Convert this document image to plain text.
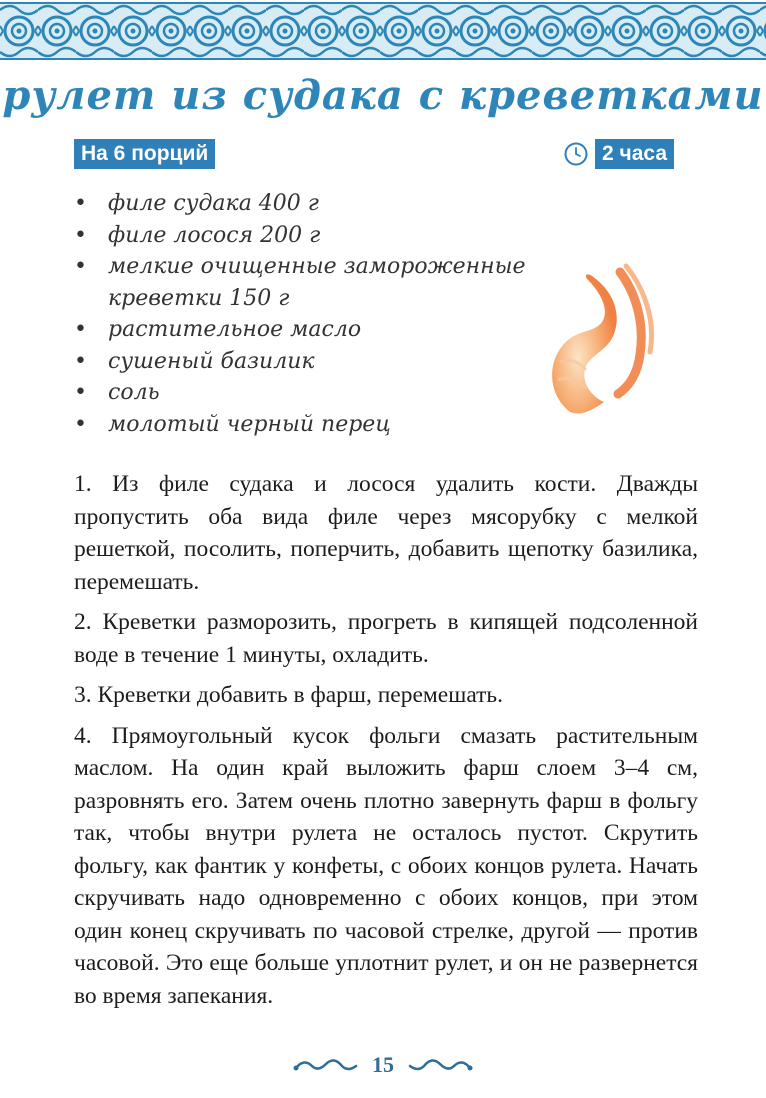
рулет из судака с креветками
На 6 порций	2 часа
• филе судака 400 г
• филе лосося 200 г
• мелкие очищенные замороженные креветки 150 г
• растительное масло
• сушеный базилик
• соль
• молотый черный перец

1. Из филе судака и лосося удалить кости. Дважды пропустить оба вида филе через мясорубку с мелкой решеткой, посолить, поперчить, добавить щепотку базилика, перемешать.

2. Креветки разморозить, прогреть в кипящей подсоленной воде в течение 1 минуты, охладить.

3. Креветки добавить в фарш, перемешать.

4. Прямоугольный кусок фольги смазать растительным маслом. На один край выложить фарш слоем 3–4 см, разровнять его. Затем очень плотно завернуть фарш в фольгу так, чтобы внутри рулета не осталось пустот. Скрутить фольгу, как фантик у конфеты, с обоих концов рулета. Начать скручивать надо одновременно с обоих концов, при этом один конец скручивать по часовой стрелке, другой — против часовой. Это еще больше уплотнит рулет, и он не развернется во время запекания.

15
